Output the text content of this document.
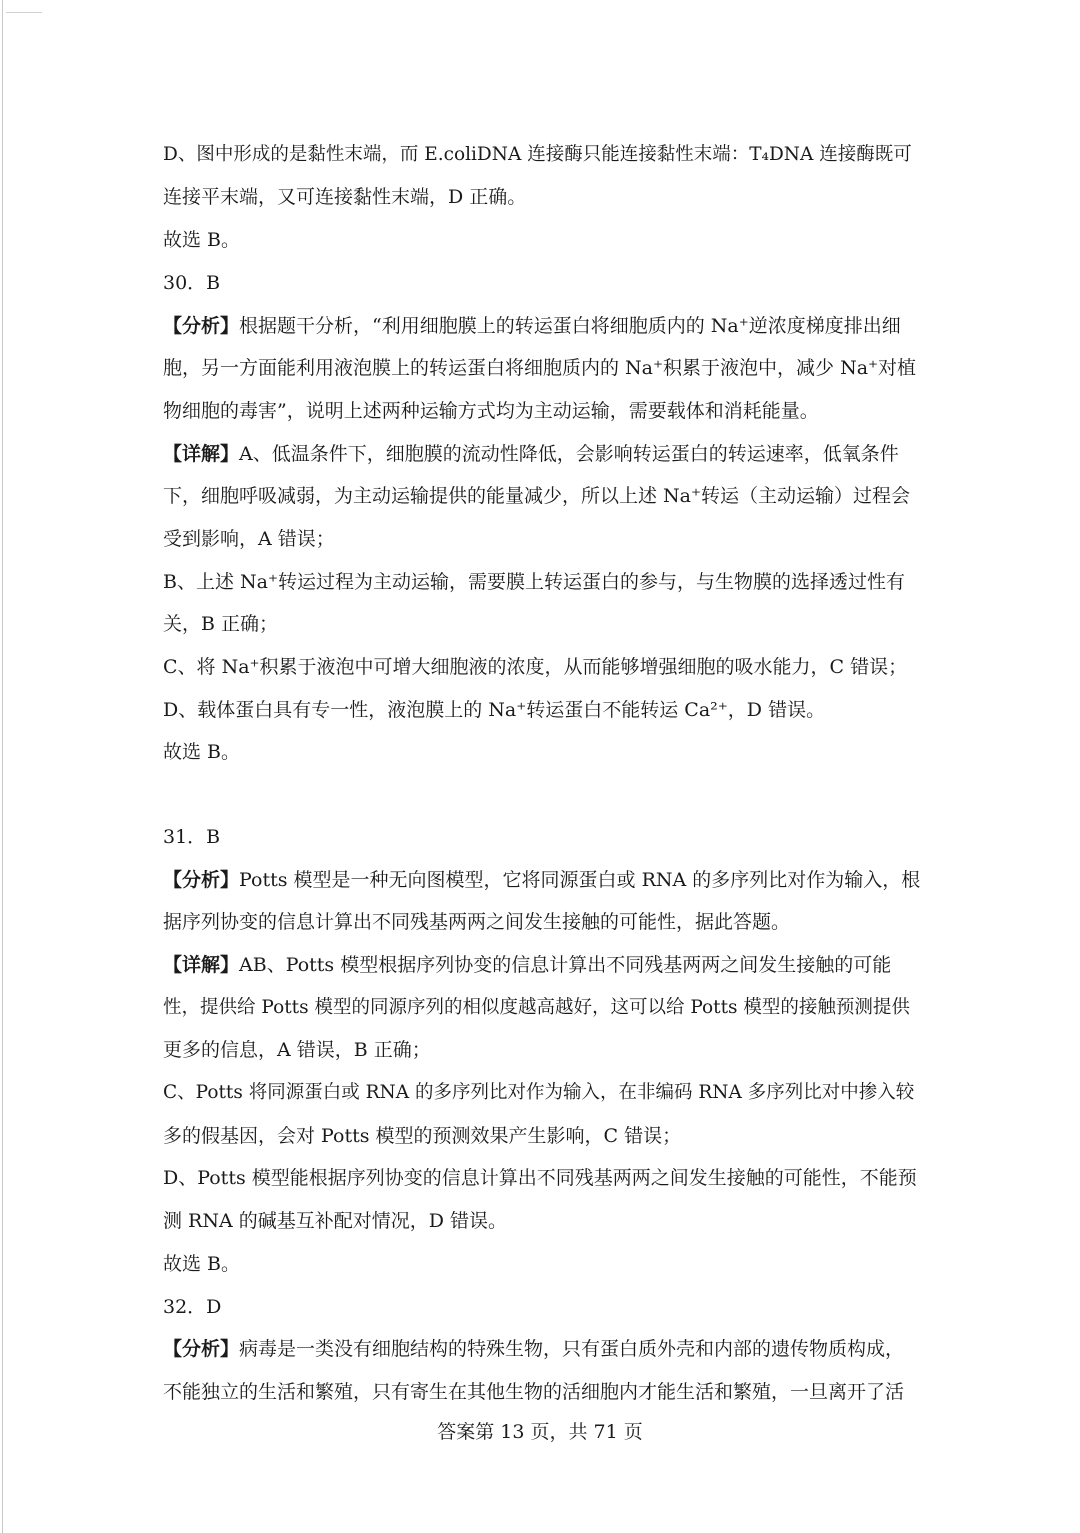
D、图中形成的是黏性末端，而 E.coliDNA 连接酶只能连接黏性末端：T₄DNA 连接酶既可
连接平末端，又可连接黏性末端，D 正确。
故选 B。
30．B
【分析】根据题干分析，“利用细胞膜上的转运蛋白将细胞质内的 Na⁺逆浓度梯度排出细
胞，另一方面能利用液泡膜上的转运蛋白将细胞质内的 Na⁺积累于液泡中，减少 Na⁺对植
物细胞的毒害”，说明上述两种运输方式均为主动运输，需要载体和消耗能量。
【详解】A、低温条件下，细胞膜的流动性降低，会影响转运蛋白的转运速率，低氧条件
下，细胞呼吸减弱，为主动运输提供的能量减少，所以上述 Na⁺转运（主动运输）过程会
受到影响，A 错误；
B、上述 Na⁺转运过程为主动运输，需要膜上转运蛋白的参与，与生物膜的选择透过性有
关，B 正确；
C、将 Na⁺积累于液泡中可增大细胞液的浓度，从而能够增强细胞的吸水能力，C 错误；
D、载体蛋白具有专一性，液泡膜上的 Na⁺转运蛋白不能转运 Ca²⁺，D 错误。
故选 B。
31．B
【分析】Potts 模型是一种无向图模型，它将同源蛋白或 RNA 的多序列比对作为输入，根
据序列协变的信息计算出不同残基两两之间发生接触的可能性，据此答题。
【详解】AB、Potts 模型根据序列协变的信息计算出不同残基两两之间发生接触的可能
性，提供给 Potts 模型的同源序列的相似度越高越好，这可以给 Potts 模型的接触预测提供
更多的信息，A 错误，B 正确；
C、Potts 将同源蛋白或 RNA 的多序列比对作为输入，在非编码 RNA 多序列比对中掺入较
多的假基因，会对 Potts 模型的预测效果产生影响，C 错误；
D、Potts 模型能根据序列协变的信息计算出不同残基两两之间发生接触的可能性，不能预
测 RNA 的碱基互补配对情况，D 错误。
故选 B。
32．D
【分析】病毒是一类没有细胞结构的特殊生物，只有蛋白质外壳和内部的遗传物质构成，
不能独立的生活和繁殖，只有寄生在其他生物的活细胞内才能生活和繁殖，一旦离开了活
答案第 13 页，共 71 页
